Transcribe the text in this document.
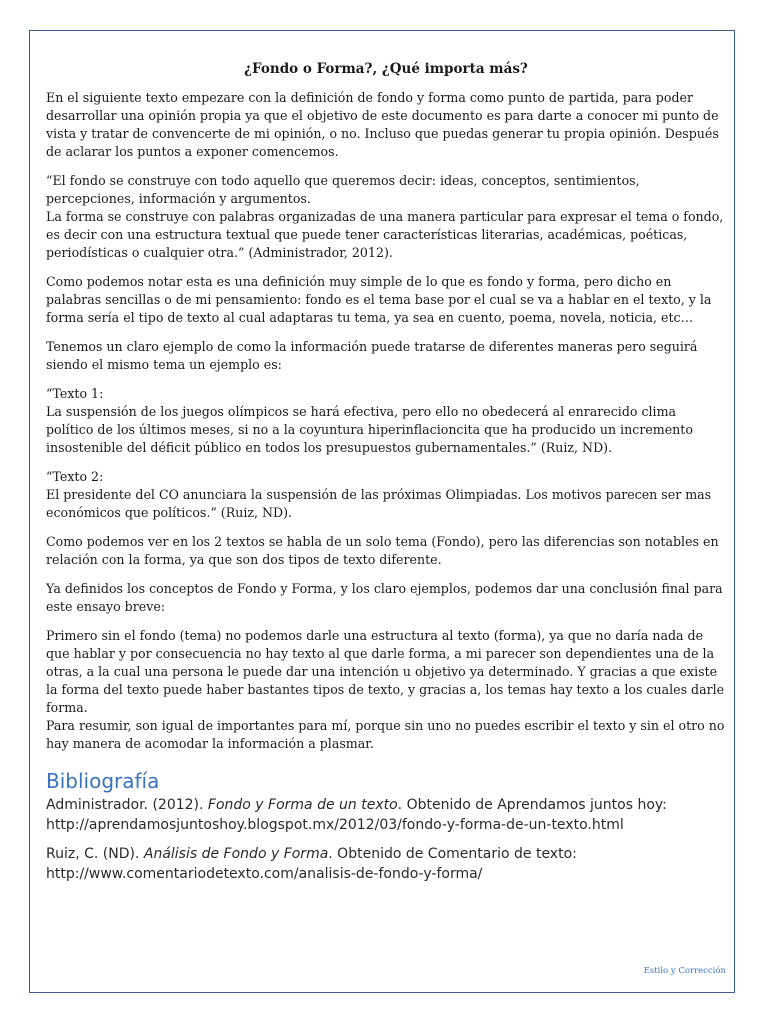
¿Fondo o Forma?, ¿Qué importa más?
En el siguiente texto empezare con la definición de fondo y forma como punto de partida, para poder desarrollar una opinión propia ya que el objetivo de este documento es para darte a conocer mi punto de vista y tratar de convencerte de mi opinión, o no. Incluso que puedas generar tu propia opinión. Después de aclarar los puntos a exponer comencemos.
“El fondo se construye con todo aquello que queremos decir: ideas, conceptos, sentimientos, percepciones, información y argumentos.
La forma se construye con palabras organizadas de una manera particular para expresar el tema o fondo, es decir con una estructura textual que puede tener características literarias, académicas, poéticas, periodísticas o cualquier otra.” (Administrador, 2012).
Como podemos notar esta es una definición muy simple de lo que es fondo y forma, pero dicho en palabras sencillas o de mi pensamiento: fondo es el tema base por el cual se va a hablar en el texto, y la forma sería el tipo de texto al cual adaptaras tu tema, ya sea en cuento, poema, novela, noticia, etc…
Tenemos un claro ejemplo de como la información puede tratarse de diferentes maneras pero seguirá siendo el mismo tema un ejemplo es:
“Texto 1:
La suspensión de los juegos olímpicos se hará efectiva, pero ello no obedecerá al enrarecido clima político de los últimos meses, si no a la coyuntura hiperinflacioncita que ha producido un incremento insostenible del déficit público en todos los presupuestos gubernamentales.” (Ruiz, ND).
“Texto 2:
El presidente del CO anunciara la suspensión de las próximas Olimpiadas. Los motivos parecen ser mas económicos que políticos.” (Ruiz, ND).
Como podemos ver en los 2 textos se habla de un solo tema (Fondo), pero las diferencias son notables en relación con la forma, ya que son dos tipos de texto diferente.
Ya definidos los conceptos de Fondo y Forma, y los claro ejemplos, podemos dar una conclusión final para este ensayo breve:
Primero sin el fondo (tema) no podemos darle una estructura al texto (forma), ya que no daría nada de que hablar y por consecuencia no hay texto al que darle forma, a mi parecer son dependientes una de la otras, a la cual una persona le puede dar una intención u objetivo ya determinado. Y gracias a que existe la forma del texto puede haber bastantes tipos de texto, y gracias a, los temas hay texto a los cuales darle forma.
Para resumir, son igual de importantes para mí, porque sin uno no puedes escribir el texto y sin el otro no hay manera de acomodar la información a plasmar.
Bibliografía
Administrador. (2012). Fondo y Forma de un texto. Obtenido de Aprendamos juntos hoy:
http://aprendamosjuntoshoy.blogspot.mx/2012/03/fondo-y-forma-de-un-texto.html
Ruiz, C. (ND). Análisis de Fondo y Forma. Obtenido de Comentario de texto:
http://www.comentariodetexto.com/analisis-de-fondo-y-forma/
Estilo y Corrección
